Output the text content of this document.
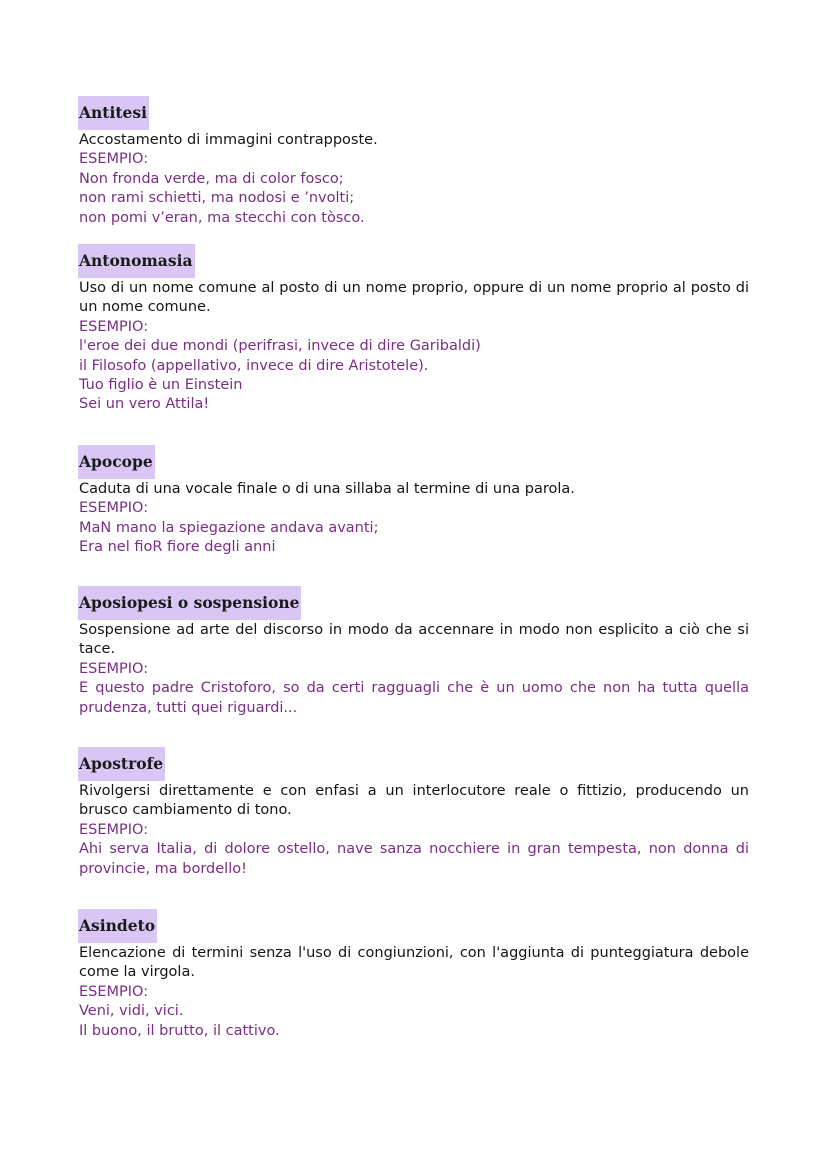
Antitesi

Accostamento di immagini contrapposte.

ESEMPIO:

Non fronda verde, ma di color fosco;
non rami schietti, ma nodosi e ’nvolti;
non pomi v’eran, ma stecchi con tòsco.

Antonomasia

Uso di un nome comune al posto di un nome proprio, oppure di un nome proprio al posto di un nome comune.

ESEMPIO:

l'eroe dei due mondi (perifrasi, invece di dire Garibaldi)
il Filosofo (appellativo, invece di dire Aristotele).
Tuo figlio è un Einstein
Sei un vero Attila!

Apocope

Caduta di una vocale finale o di una sillaba al termine di una parola.

ESEMPIO:

MaN mano la spiegazione andava avanti;
Era nel fioR fiore degli anni

Aposiopesi o sospensione

Sospensione ad arte del discorso in modo da accennare in modo non esplicito a ciò che si tace.

ESEMPIO:

E questo padre Cristoforo, so da certi ragguagli che è un uomo che non ha tutta quella prudenza, tutti quei riguardi...

Apostrofe

Rivolgersi direttamente e con enfasi a un interlocutore reale o fittizio, producendo un brusco cambiamento di tono.

ESEMPIO:

Ahi serva Italia, di dolore ostello, nave sanza nocchiere in gran tempesta, non donna di provincie, ma bordello!

Asindeto

Elencazione di termini senza l'uso di congiunzioni, con l'aggiunta di punteggiatura debole come la virgola.

ESEMPIO:

Veni, vidi, vici.
Il buono, il brutto, il cattivo.
